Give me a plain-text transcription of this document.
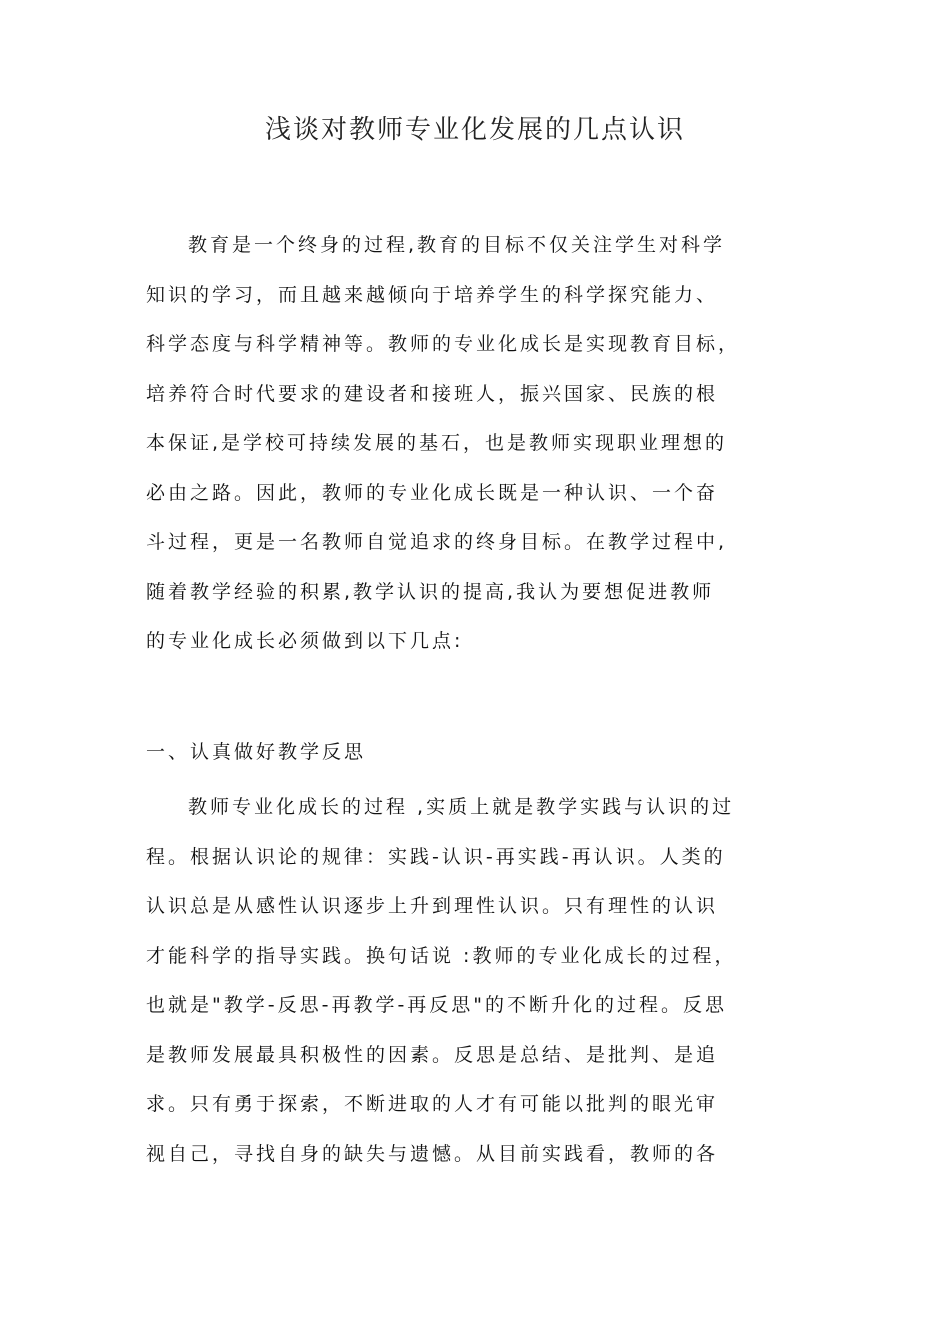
浅谈对教师专业化发展的几点认识
教育是一个终身的过程,教育的目标不仅关注学生对科学
知识的学习，而且越来越倾向于培养学生的科学探究能力、
科学态度与科学精神等。教师的专业化成长是实现教育目标，
培养符合时代要求的建设者和接班人，振兴国家、民族的根
本保证,是学校可持续发展的基石，也是教师实现职业理想的
必由之路。因此，教师的专业化成长既是一种认识、一个奋
斗过程，更是一名教师自觉追求的终身目标。在教学过程中,
随着教学经验的积累,教学认识的提高,我认为要想促进教师
的专业化成长必须做到以下几点:
一、认真做好教学反思
教师专业化成长的过程 ,实质上就是教学实践与认识的过
程。根据认识论的规律：实践-认识-再实践-再认识。人类的
认识总是从感性认识逐步上升到理性认识。只有理性的认识
才能科学的指导实践。换句话说 :教师的专业化成长的过程，
也就是"教学-反思-再教学-再反思"的不断升化的过程。反思
是教师发展最具积极性的因素。反思是总结、是批判、是追
求。只有勇于探索，不断进取的人才有可能以批判的眼光审
视自己，寻找自身的缺失与遗憾。从目前实践看，教师的各
